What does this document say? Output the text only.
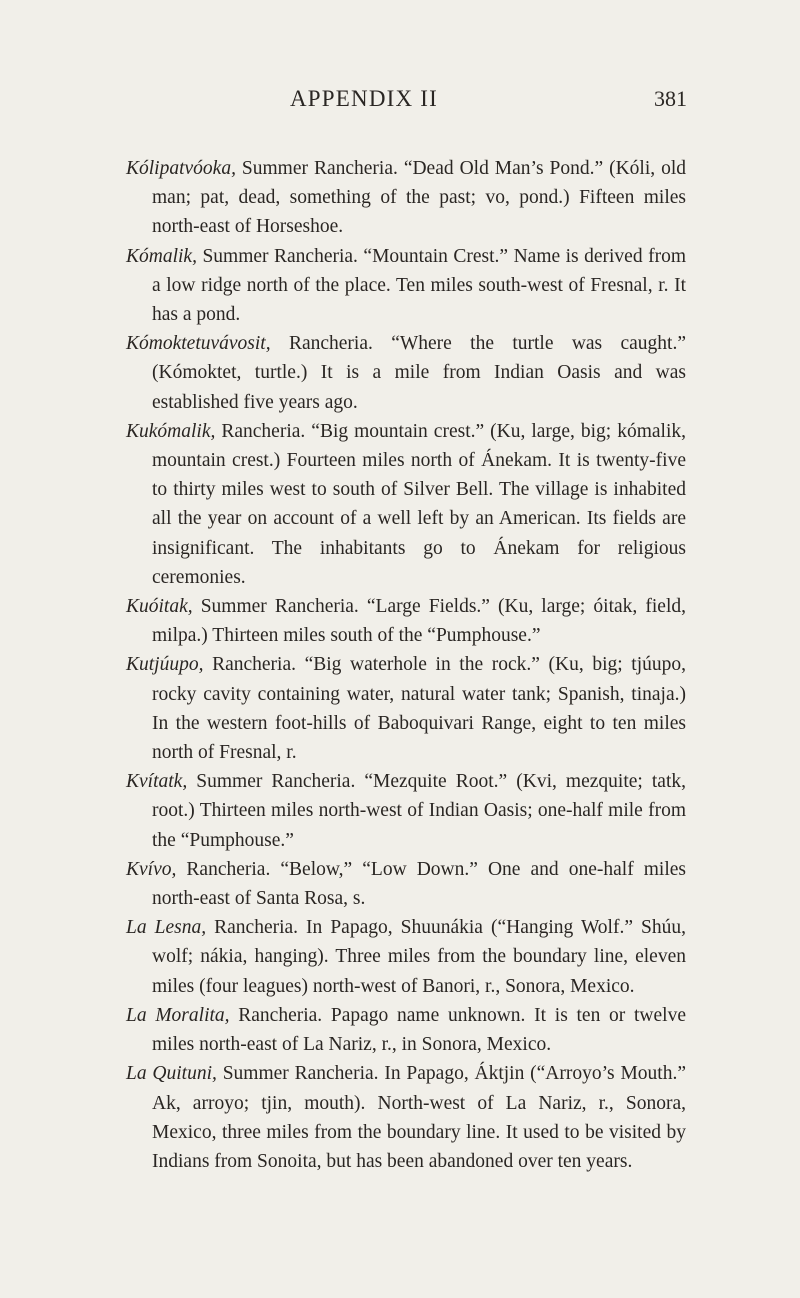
APPENDIX II	381

Kólipatvóoka, Summer Rancheria. “Dead Old Man’s Pond.” (Kóli, old man; pat, dead, something of the past; vo, pond.) Fifteen miles north-east of Horseshoe.

Kómalik, Summer Rancheria. “Mountain Crest.” Name is derived from a low ridge north of the place. Ten miles south-west of Fresnal, r. It has a pond.

Kómoktetuvávosit, Rancheria. “Where the turtle was caught.” (Kómoktet, turtle.) It is a mile from Indian Oasis and was established five years ago.

Kukómalik, Rancheria. “Big mountain crest.” (Ku, large, big; kómalik, mountain crest.) Fourteen miles north of Ánekam. It is twenty-five to thirty miles west to south of Silver Bell. The village is inhabited all the year on account of a well left by an American. Its fields are insignificant. The inhabitants go to Ánekam for religious ceremonies.

Kuóitak, Summer Rancheria. “Large Fields.” (Ku, large; óitak, field, milpa.) Thirteen miles south of the “Pumphouse.”

Kutjúupo, Rancheria. “Big waterhole in the rock.” (Ku, big; tjúupo, rocky cavity containing water, natural water tank; Spanish, tinaja.) In the western foot-hills of Baboquivari Range, eight to ten miles north of Fresnal, r.

Kvítatk, Summer Rancheria. “Mezquite Root.” (Kvi, mezquite; tatk, root.) Thirteen miles north-west of Indian Oasis; one-half mile from the “Pumphouse.”

Kvívo, Rancheria. “Below,” “Low Down.” One and one-half miles north-east of Santa Rosa, s.

La Lesna, Rancheria. In Papago, Shuunákia (“Hanging Wolf.” Shúu, wolf; nákia, hanging). Three miles from the boundary line, eleven miles (four leagues) north-west of Banori, r., Sonora, Mexico.

La Moralita, Rancheria. Papago name unknown. It is ten or twelve miles north-east of La Nariz, r., in Sonora, Mexico.

La Quituni, Summer Rancheria. In Papago, Áktjin (“Arroyo’s Mouth.” Ak, arroyo; tjin, mouth). North-west of La Nariz, r., Sonora, Mexico, three miles from the boundary line. It used to be visited by Indians from Sonoita, but has been abandoned over ten years.
